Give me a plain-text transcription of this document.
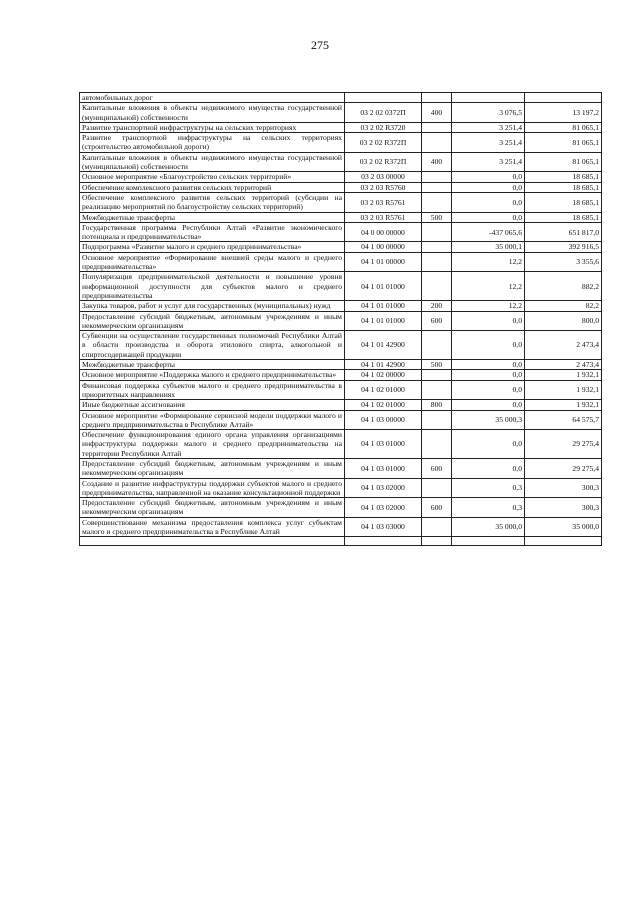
275
автомобильных дорог				
Капитальные вложения в объекты недвижимого имущества государственной (муниципальной) собственности	03 2 02 0372П	400	3 076,5	13 197,2
Развитие транспортной инфраструктуры на сельских территориях	03 2 02 R3720		3 251,4	81 065,1
Развитие транспортной инфраструктуры на сельских территориях (строительство автомобильной дороги)	03 2 02 R372П		3 251,4	81 065,1
Капитальные вложения в объекты недвижимого имущества государственной (муниципальной) собственности	03 2 02 R372П	400	3 251,4	81 065,1
Основное мероприятие «Благоустройство сельских территорий»	03 2 03 00000		0,0	18 685,1
Обеспечение комплексного развития сельских территорий	03 2 03 R5760		0,0	18 685,1
Обеспечение комплексного развития сельских территорий (субсидии на реализацию мероприятий по благоустройству сельских территорий)	03 2 03 R5761		0,0	18 685,1
Межбюджетные трансферты	03 2 03 R5761	500	0,0	18 685,1
Государственная программа Республики Алтай «Развитие экономического потенциала и предпринимательства»	04 0 00 00000		-437 065,6	651 817,0
Подпрограмма «Развитие малого и среднего предпринимательства»	04 1 00 00000		35 000,1	392 916,5
Основное мероприятие «Формирование внешней среды малого и среднего предпринимательства»	04 1 01 00000		12,2	3 355,6
Популяризация предпринимательской деятельности и повышение уровня информационной доступности для субъектов малого и среднего предпринимательства	04 1 01 01000		12,2	882,2
Закупка товаров, работ и услуг для государственных (муниципальных) нужд	04 1 01 01000	200	12,2	82,2
Предоставление субсидий бюджетным, автономным учреждениям и иным некоммерческим организациям	04 1 01 01000	600	0,0	800,0
Субвенции на осуществление государственных полномочий Республики Алтай в области производства и оборота этилового спирта, алкогольной и спиртосодержащей продукции	04 1 01 42900		0,0	2 473,4
Межбюджетные трансферты	04 1 01 42900	500	0,0	2 473,4
Основное мероприятие «Поддержка малого и среднего предпринимательства»	04 1 02 00000		0,0	1 932,1
Финансовая поддержка субъектов малого и среднего предпринимательства в приоритетных направлениях	04 1 02 01000		0,0	1 932,1
Иные бюджетные ассигнования	04 1 02 01000	800	0,0	1 932,1
Основное мероприятие «Формирование сервисной модели поддержки малого и среднего предпринимательства в Республике Алтай»	04 1 03 00000		35 000,3	64 575,7
Обеспечение функционирования единого органа управления организациями инфраструктуры поддержки малого и среднего предпринимательства на территории Республики Алтай	04 1 03 01000		0,0	29 275,4
Предоставление субсидий бюджетным, автономным учреждениям и иным некоммерческим организациям	04 1 03 01000	600	0,0	29 275,4
Создание и развитие инфраструктуры поддержки субъектов малого и среднего предпринимательства, направленной на оказание консультационной поддержки	04 1 03 02000		0,3	300,3
Предоставление субсидий бюджетным, автономным учреждениям и иным некоммерческим организациям	04 1 03 02000	600	0,3	300,3
Совершенствование механизма предоставления комплекса услуг субъектам малого и среднего предпринимательства в Республике Алтай	04 1 03 03000		35 000,0	35 000,0
